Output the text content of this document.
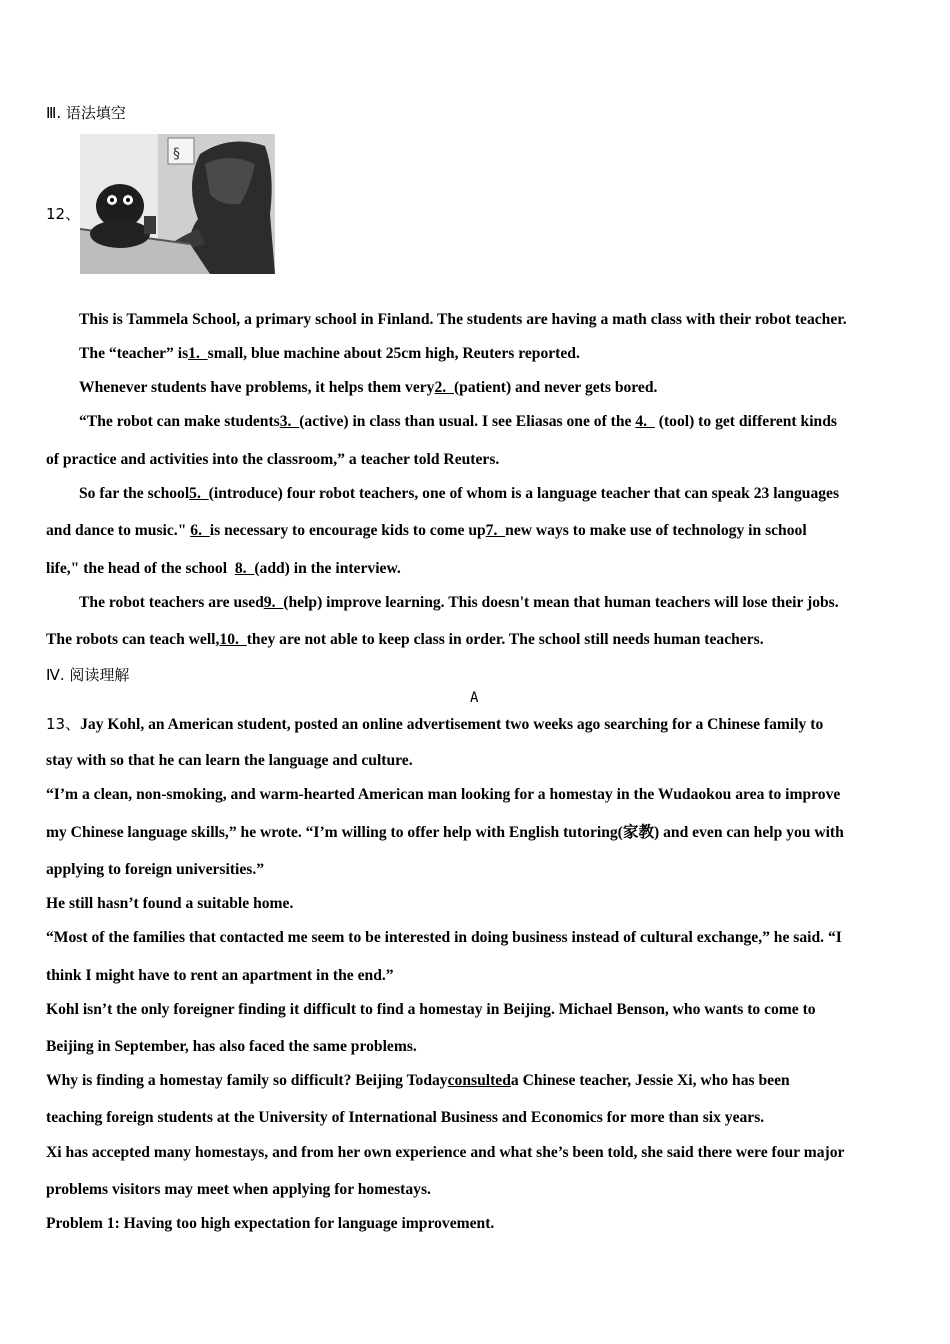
Ⅲ. 语法填空
12、
§
This is Tammela School, a primary school in Finland. The students are having a math class with their robot teacher.
The “teacher” is1.  small, blue machine about 25cm high, Reuters reported.
Whenever students have problems, it helps them very2.  (patient) and never gets bored.
“The robot can make students3.  (active) in class than usual. I see Eliasas one of the 4.   (tool) to get different kinds
of practice and activities into the classroom,” a teacher told Reuters.
So far the school5.  (introduce) four robot teachers, one of whom is a language teacher that can speak 23 languages
and dance to music." 6.  is necessary to encourage kids to come up7.  new ways to make use of technology in school
life," the head of the school 8.  (add) in the interview.
The robot teachers are used9.  (help) improve learning. This doesn't mean that human teachers will lose their jobs.
The robots can teach well,10.  they are not able to keep class in order. The school still needs human teachers.
Ⅳ. 阅读理解
A
13、Jay Kohl, an American student, posted an online advertisement two weeks ago searching for a Chinese family to
stay with so that he can learn the language and culture.
“I’m a clean, non-smoking, and warm-hearted American man looking for a homestay in the Wudaokou area to improve
my Chinese language skills,” he wrote. “I’m willing to offer help with English tutoring(家教) and even can help you with
applying to foreign universities.”
He still hasn’t found a suitable home.
“Most of the families that contacted me seem to be interested in doing business instead of cultural exchange,” he said. “I
think I might have to rent an apartment in the end.”
Kohl isn’t the only foreigner finding it difficult to find a homestay in Beijing. Michael Benson, who wants to come to
Beijing in September, has also faced the same problems.
Why is finding a homestay family so difficult? Beijing Todayconsulteda Chinese teacher, Jessie Xi, who has been
teaching foreign students at the University of International Business and Economics for more than six years.
Xi has accepted many homestays, and from her own experience and what she’s been told, she said there were four major
problems visitors may meet when applying for homestays.
Problem 1: Having too high expectation for language improvement.
